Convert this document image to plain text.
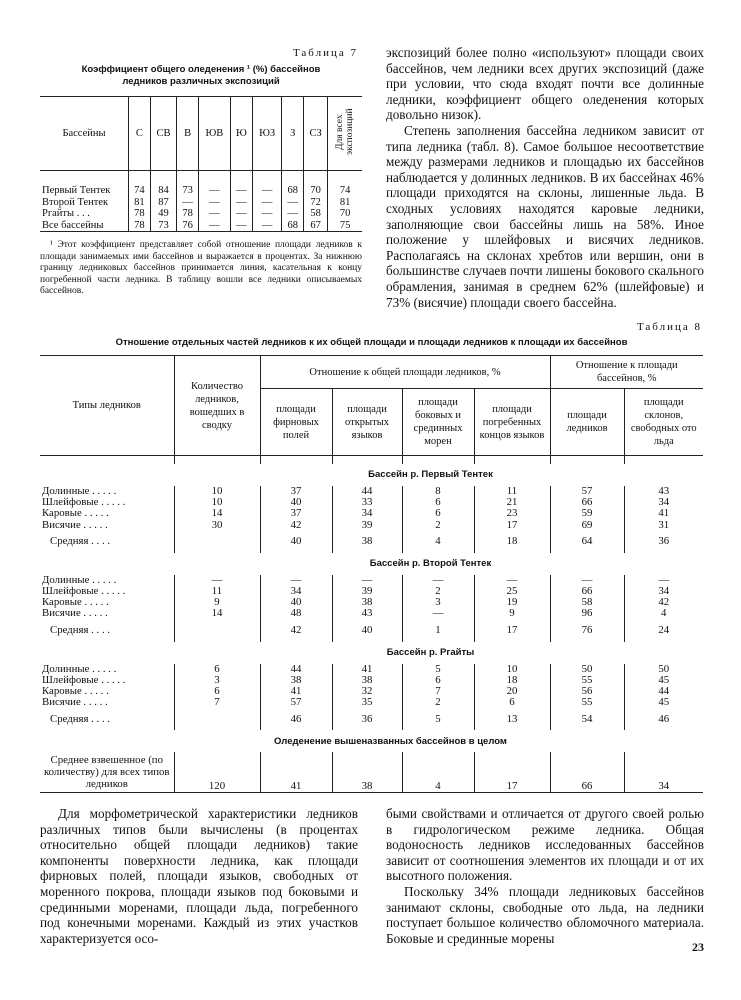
Таблица 7
Коэффициент общего оледенения ¹ (%) бассейнов
ледников различных экспозиций
Бассейны	С	СВ	В	ЮВ	Ю	ЮЗ	З	СЗ	Для всех экспозиций

Первый Тентек	74	84	73	—	—	—	68	70	74
Второй Тентек	81	87	—	—	—	—	—	72	81
Ргайты . . .	78	49	78	—	—	—	—	58	70
Все бассейны	78	73	76	—	—	—	68	67	75

¹ Этот коэффициент представляет собой отношение площади ледников к площади занимаемых ими бассейнов и выражается в процентах. За нижнюю границу ледниковых бассейнов принимается линия, касательная к концу погребенной части ледника. В таблицу вошли все ледники описываемых бассейнов.

экспозиций более полно «используют» площади своих бассейнов, чем ледники всех других экспозиций (даже при условии, что сюда входят почти все долинные ледники, коэффициент общего оледенения которых довольно низок).

Степень заполнения бассейна ледником зависит от типа ледника (табл. 8). Самое большое несоответствие между размерами ледников и площадью их бассейнов наблюдается у долинных ледников. В их бассейнах 46% площади приходятся на склоны, лишенные льда. В сходных условиях находятся каровые ледники, заполняющие свои бассейны лишь на 58%. Иное положение у шлейфовых и висячих ледников. Располагаясь на склонах хребтов или вершин, они в большинстве случаев почти лишены бокового скального обрамления, занимая в среднем 62% (шлейфовые) и 73% (висячие) площади своего бассейна.

Таблица 8
Отношение отдельных частей ледников к их общей площади и площади ледников к площади их бассейнов
Типы ледников	Количество ледников, вошедших в сводку	Отношение к общей площади ледников, %				Отношение к площади бассейнов, %	
		площади фирновых полей	площади открытых языков	площади боковых и срединных морен	площади погребенных концов языков	площади ледников	площади склонов, свободных ото льда

Бассейн р. Первый Тентек							
Долинные . . . . .	10	37	44	8	11	57	43
Шлейфовые . . . . .	10	40	33	6	21	66	34
Каровые . . . . .	14	37	34	6	23	59	41
Висячие . . . . .	30	42	39	2	17	69	31
Средняя . . . .		40	38	4	18	64	36
Бассейн р. Второй Тентек							
Долинные . . . . .	—	—	—	—	—	—	—
Шлейфовые . . . . .	11	34	39	2	25	66	34
Каровые . . . . .	9	40	38	3	19	58	42
Висячие . . . . .	14	48	43	—	9	96	4
Средняя . . . .		42	40	1	17	76	24
Бассейн р. Ргайты							
Долинные . . . . .	6	44	41	5	10	50	50
Шлейфовые . . . . .	3	38	38	6	18	55	45
Каровые . . . . .	6	41	32	7	20	56	44
Висячие . . . . .	7	57	35	2	6	55	45
Средняя . . . .		46	36	5	13	54	46
Оледенение вышеназванных бассейнов в целом							
Среднее взвешенное (по количеству) для всех типов ледников	120	41	38	4	17	66	34

Для морфометрической характеристики ледников различных типов были вычислены (в процентах относительно общей площади ледников) такие компоненты поверхности ледника, как площади фирновых полей, площади языков, свободных от моренного покрова, площади языков под боковыми и срединными моренами, площади льда, погребенного под конечными моренами. Каждый из этих участков характеризуется осо-

быми свойствами и отличается от другого своей ролью в гидрологическом режиме ледника. Общая водоносность ледников исследованных бассейнов зависит от соотношения элементов их площади и от их высотного положения.

Поскольку 34% площади ледниковых бассейнов занимают склоны, свободные ото льда, на ледники поступает большое количество обломочного материала. Боковые и срединные морены

23
